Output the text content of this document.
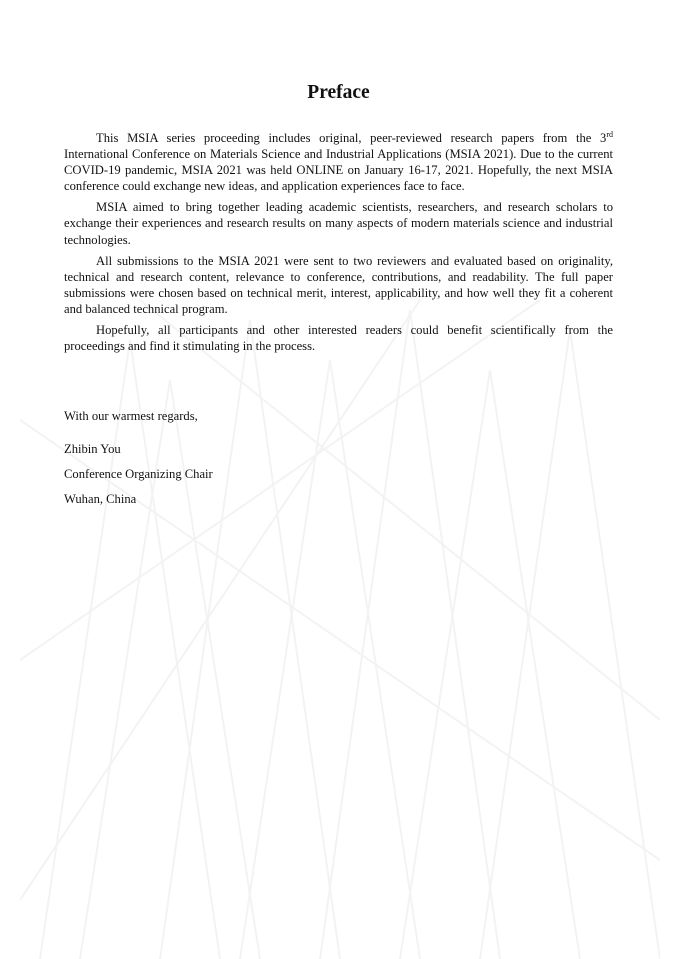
Preface

This MSIA series proceeding includes original, peer-reviewed research papers from the 3rd International Conference on Materials Science and Industrial Applications (MSIA 2021). Due to the current COVID-19 pandemic, MSIA 2021 was held ONLINE on January 16-17, 2021. Hopefully, the next MSIA conference could exchange new ideas, and application experiences face to face.

MSIA aimed to bring together leading academic scientists, researchers, and research scholars to exchange their experiences and research results on many aspects of modern materials science and industrial technologies.

All submissions to the MSIA 2021 were sent to two reviewers and evaluated based on originality, technical and research content, relevance to conference, contributions, and readability. The full paper submissions were chosen based on technical merit, interest, applicability, and how well they fit a coherent and balanced technical program.

Hopefully, all participants and other interested readers could benefit scientifically from the proceedings and find it stimulating in the process.

With our warmest regards,

Zhibin You

Conference Organizing Chair

Wuhan, China
